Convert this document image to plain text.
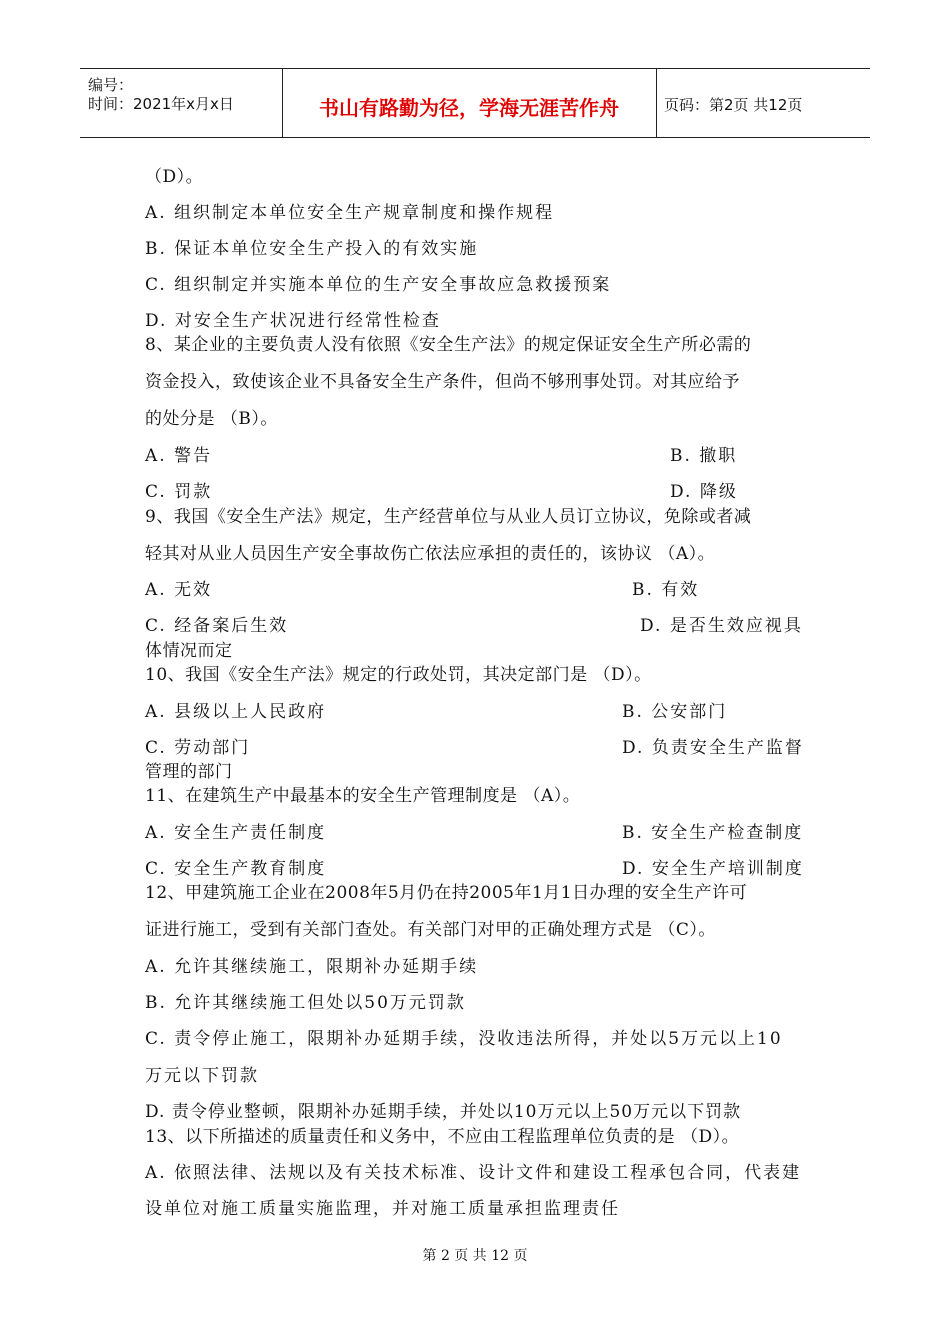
编号：
时间：2021年x月x日	书山有路勤为径，学海无涯苦作舟	页码：第2页 共12页
（D）。
A. 组织制定本单位安全生产规章制度和操作规程
B. 保证本单位安全生产投入的有效实施
C. 组织制定并实施本单位的生产安全事故应急救援预案
D. 对安全生产状况进行经常性检查
8、某企业的主要负责人没有依照《安全生产法》的规定保证安全生产所必需的
资金投入，致使该企业不具备安全生产条件，但尚不够刑事处罚。对其应给予
的处分是 （B）。
A. 警告	B. 撤职
C. 罚款	D. 降级
9、我国《安全生产法》规定，生产经营单位与从业人员订立协议，免除或者减
轻其对从业人员因生产安全事故伤亡依法应承担的责任的，该协议 （A）。
A. 无效	B. 有效
C. 经备案后生效	D. 是否生效应视具
体情况而定
10、我国《安全生产法》规定的行政处罚，其决定部门是 （D）。
A. 县级以上人民政府	B. 公安部门
C. 劳动部门	D. 负责安全生产监督
管理的部门
11、在建筑生产中最基本的安全生产管理制度是 （A）。
A. 安全生产责任制度	B. 安全生产检查制度
C. 安全生产教育制度	D. 安全生产培训制度
12、甲建筑施工企业在2008年5月仍在持2005年1月1日办理的安全生产许可
证进行施工，受到有关部门查处。有关部门对甲的正确处理方式是 （C）。
A. 允许其继续施工，限期补办延期手续
B. 允许其继续施工但处以50万元罚款
C. 责令停止施工，限期补办延期手续，没收违法所得，并处以5万元以上10
万元以下罚款
D. 责令停业整顿，限期补办延期手续，并处以10万元以上50万元以下罚款
13、以下所描述的质量责任和义务中，不应由工程监理单位负责的是 （D）。
A. 依照法律、法规以及有关技术标准、设计文件和建设工程承包合同，代表建
设单位对施工质量实施监理，并对施工质量承担监理责任
第 2 页 共 12 页
